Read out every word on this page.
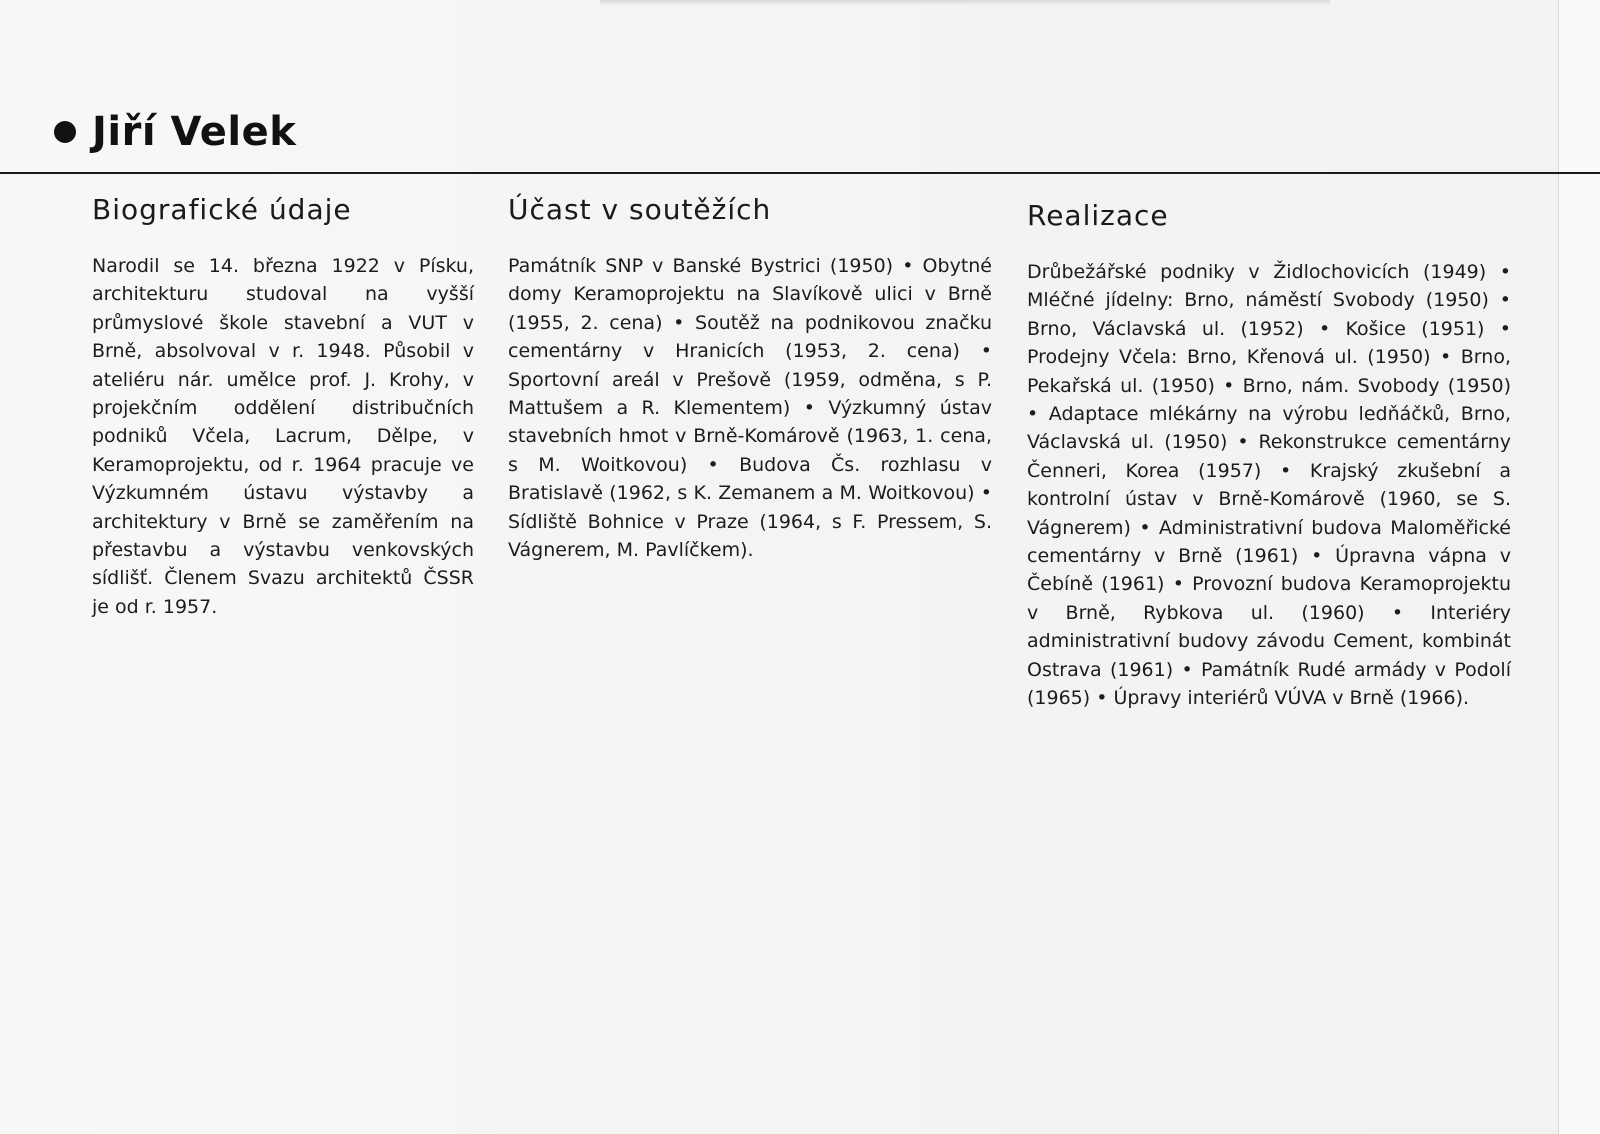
Jiří Velek
Biografické údaje

Narodil se 14. března 1922 v Písku, architekturu studoval na vyšší průmyslové škole stavební a VUT v Brně, absolvoval v r. 1948. Působil v ateliéru nár. umělce prof. J. Krohy, v projekčním oddělení distribučních podniků Včela, Lacrum, Dělpe, v Keramoprojektu, od r. 1964 pracuje ve Výzkumném ústavu výstavby a architektury v Brně se zaměřením na přestavbu a výstavbu venkovských sídlišť. Členem Svazu architektů ČSSR je od r. 1957.

Účast v soutěžích

Památník SNP v Banské Bystrici (1950) • Obytné domy Keramoprojektu na Slavíkově ulici v Brně (1955, 2. cena) • Soutěž na podnikovou značku cementárny v Hranicích (1953, 2. cena) • Sportovní areál v Prešově (1959, odměna, s P. Mattušem a R. Klementem) • Výzkumný ústav stavebních hmot v Brně-Komárově (1963, 1. cena, s M. Woitkovou) • Budova Čs. rozhlasu v Bratislavě (1962, s K. Zemanem a M. Woitkovou) • Sídliště Bohnice v Praze (1964, s F. Pressem, S. Vágnerem, M. Pavlíčkem).

Realizace

Drůbežářské podniky v Židlochovicích (1949) • Mléčné jídelny: Brno, náměstí Svobody (1950) • Brno, Václavská ul. (1952) • Košice (1951) • Prodejny Včela: Brno, Křenová ul. (1950) • Brno, Pekařská ul. (1950) • Brno, nám. Svobody (1950) • Adaptace mlékárny na výrobu ledňáčků, Brno, Václavská ul. (1950) • Rekonstrukce cementárny Čenneri, Korea (1957) • Krajský zkušební a kontrolní ústav v Brně-Komárově (1960, se S. Vágnerem) • Administrativní budova Maloměřické cementárny v Brně (1961) • Úpravna vápna v Čebíně (1961) • Provozní budova Keramoprojektu v Brně, Rybkova ul. (1960) • Interiéry administrativní budovy závodu Cement, kombinát Ostrava (1961) • Památník Rudé armády v Podolí (1965) • Úpravy interiérů VÚVA v Brně (1966).
